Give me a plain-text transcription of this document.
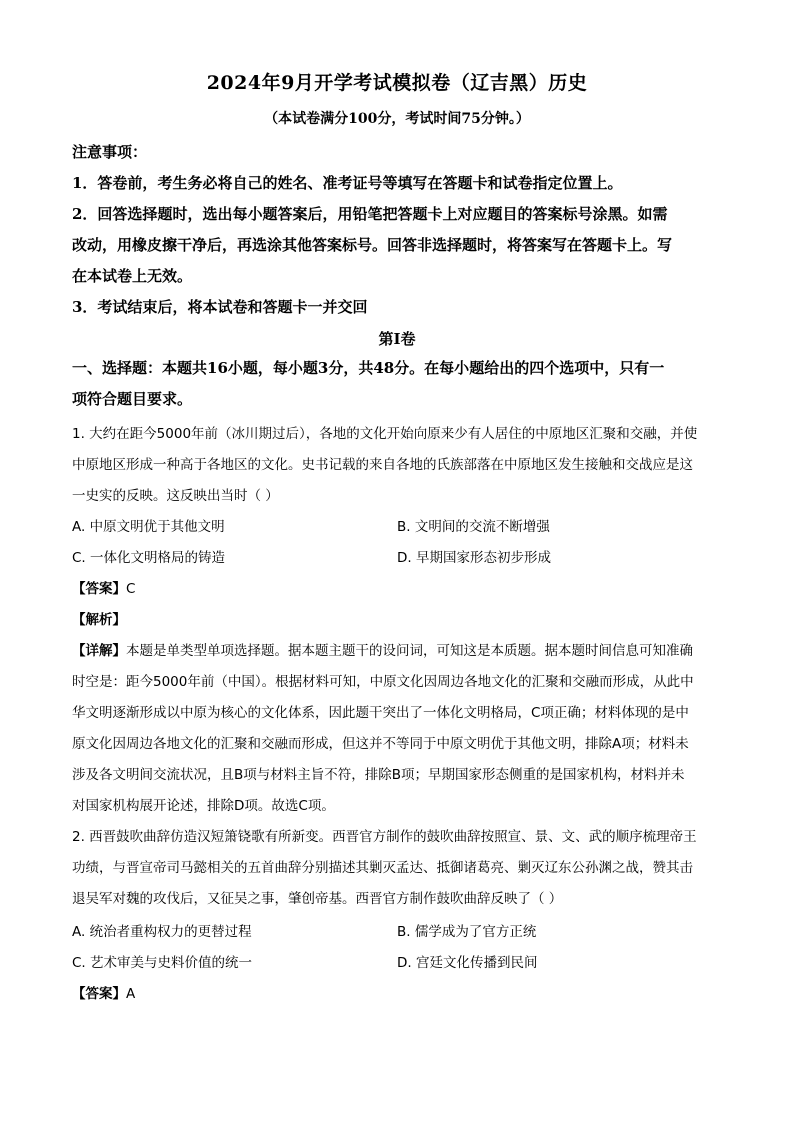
2024年9月开学考试模拟卷（辽吉黑）历史
（本试卷满分100分，考试时间75分钟。）
注意事项：
1．答卷前，考生务必将自己的姓名、准考证号等填写在答题卡和试卷指定位置上。
2．回答选择题时，选出每小题答案后，用铅笔把答题卡上对应题目的答案标号涂黑。如需
改动，用橡皮擦干净后，再选涂其他答案标号。回答非选择题时，将答案写在答题卡上。写
在本试卷上无效。
3．考试结束后，将本试卷和答题卡一并交回
第Ⅰ卷
一、选择题：本题共16小题，每小题3分，共48分。在每小题给出的四个选项中，只有一
项符合题目要求。
1. 大约在距今5000年前（冰川期过后），各地的文化开始向原来少有人居住的中原地区汇聚和交融，并使
中原地区形成一种高于各地区的文化。史书记载的来自各地的氏族部落在中原地区发生接触和交战应是这
一史实的反映。这反映出当时（ ）
A. 中原文明优于其他文明	B. 文明间的交流不断增强
C. 一体化文明格局的铸造	D. 早期国家形态初步形成
【答案】C
【解析】
【详解】本题是单类型单项选择题。据本题主题干的设问词，可知这是本质题。据本题时间信息可知准确
时空是：距今5000年前（中国）。根据材料可知，中原文化因周边各地文化的汇聚和交融而形成，从此中
华文明逐渐形成以中原为核心的文化体系，因此题干突出了一体化文明格局，C项正确；材料体现的是中
原文化因周边各地文化的汇聚和交融而形成，但这并不等同于中原文明优于其他文明，排除A项；材料未
涉及各文明间交流状况，且B项与材料主旨不符，排除B项；早期国家形态侧重的是国家机构，材料并未
对国家机构展开论述，排除D项。故选C项。
2. 西晋鼓吹曲辞仿造汉短箫铙歌有所新变。西晋官方制作的鼓吹曲辞按照宣、景、文、武的顺序梳理帝王
功绩，与晋宣帝司马懿相关的五首曲辞分别描述其剿灭孟达、抵御诸葛亮、剿灭辽东公孙渊之战，赞其击
退吴军对魏的攻伐后，又征吴之事，肇创帝基。西晋官方制作鼓吹曲辞反映了（ ）
A. 统治者重构权力的更替过程	B. 儒学成为了官方正统
C. 艺术审美与史料价值的统一	D. 宫廷文化传播到民间
【答案】A
